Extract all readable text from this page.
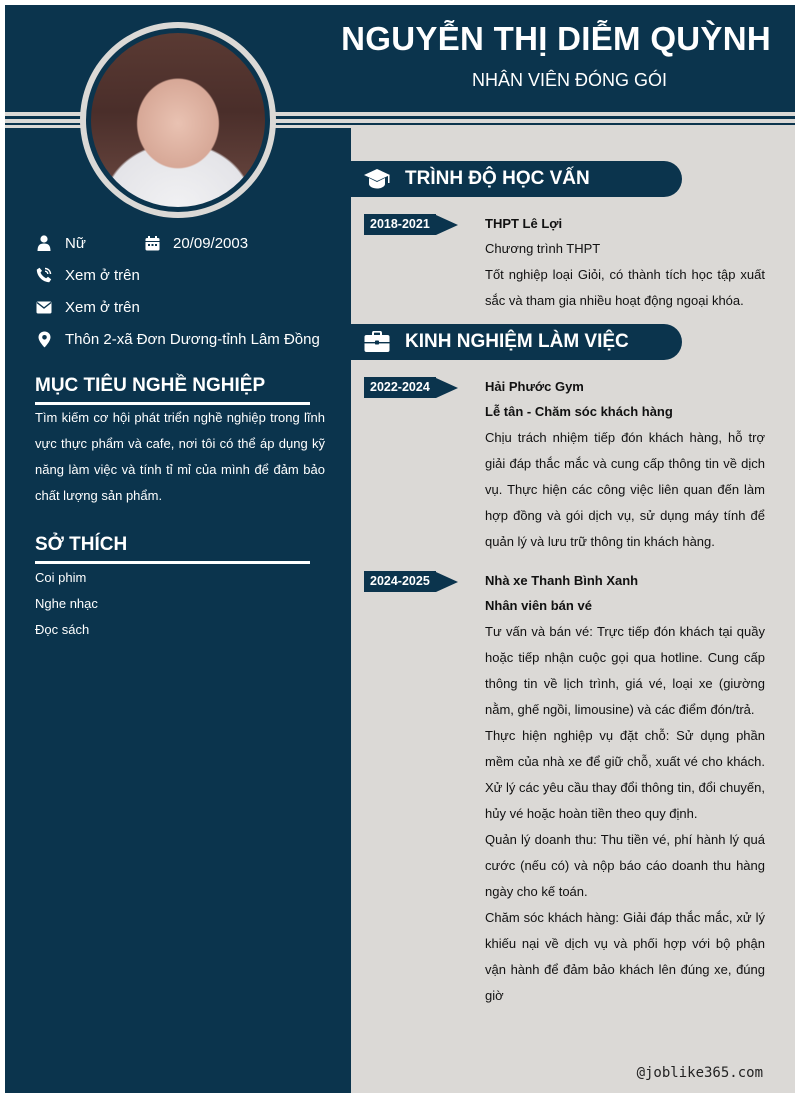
NGUYỄN THỊ DIỄM QUỲNH
NHÂN VIÊN ĐÓNG GÓI
Nữ	20/09/2003
Xem ở trên
Xem ở trên
Thôn 2-xã Đơn Dương-tỉnh Lâm Đồng
MỤC TIÊU NGHỀ NGHIỆP
Tìm kiếm cơ hội phát triển nghề nghiệp trong lĩnh vực thực phẩm và cafe, nơi tôi có thể áp dụng kỹ năng làm việc và tính tỉ mỉ của mình để đảm bảo chất lượng sản phẩm.
SỞ THÍCH
Coi phim
Nghe nhạc
Đọc sách
TRÌNH ĐỘ HỌC VẤN
2018-2021	THPT Lê Lợi
Chương trình THPT
Tốt nghiệp loại Giỏi, có thành tích học tập xuất sắc và tham gia nhiều hoạt động ngoại khóa.
KINH NGHIỆM LÀM VIỆC
2022-2024	Hải Phước Gym
Lễ tân - Chăm sóc khách hàng
Chịu trách nhiệm tiếp đón khách hàng, hỗ trợ giải đáp thắc mắc và cung cấp thông tin về dịch vụ. Thực hiện các công việc liên quan đến làm hợp đồng và gói dịch vụ, sử dụng máy tính để quản lý và lưu trữ thông tin khách hàng.
2024-2025	Nhà xe Thanh Bình Xanh
Nhân viên bán vé
Tư vấn và bán vé: Trực tiếp đón khách tại quầy hoặc tiếp nhận cuộc gọi qua hotline. Cung cấp thông tin về lịch trình, giá vé, loại xe (giường nằm, ghế ngồi, limousine) và các điểm đón/trả.
Thực hiện nghiệp vụ đặt chỗ: Sử dụng phần mềm của nhà xe để giữ chỗ, xuất vé cho khách. Xử lý các yêu cầu thay đổi thông tin, đổi chuyến, hủy vé hoặc hoàn tiền theo quy định.
Quản lý doanh thu: Thu tiền vé, phí hành lý quá cước (nếu có) và nộp báo cáo doanh thu hàng ngày cho kế toán.
Chăm sóc khách hàng: Giải đáp thắc mắc, xử lý khiếu nại về dịch vụ và phối hợp với bộ phận vận hành để đảm bảo khách lên đúng xe, đúng giờ
@joblike365.com
